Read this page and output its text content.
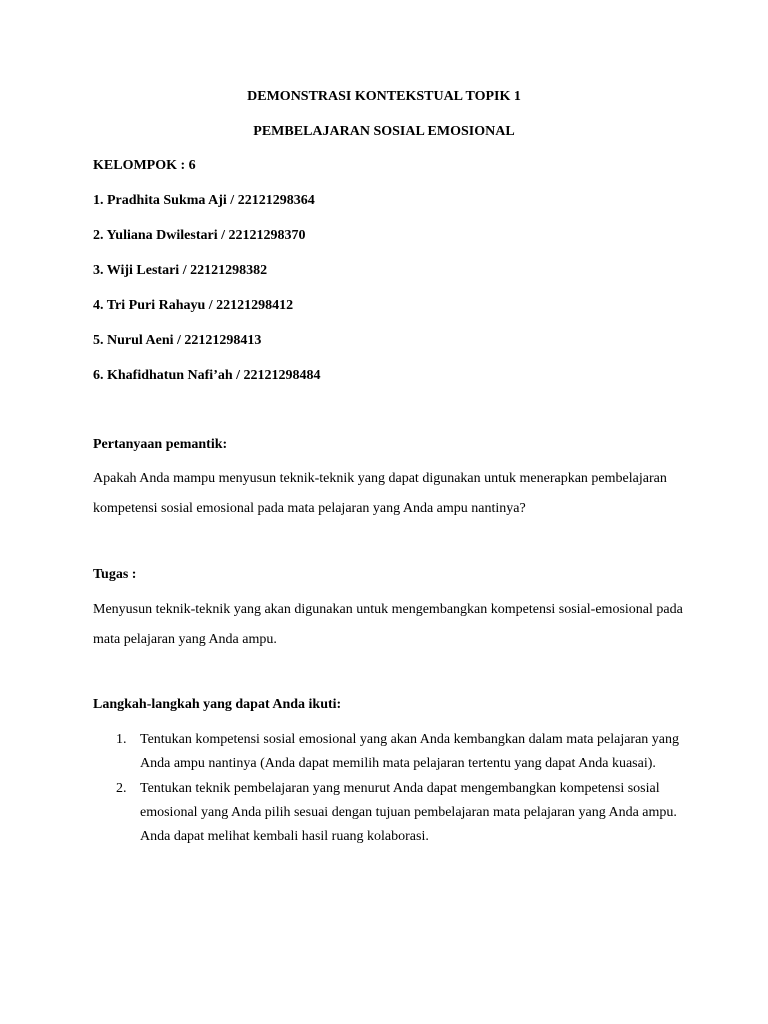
DEMONSTRASI KONTEKSTUAL TOPIK 1
PEMBELAJARAN SOSIAL EMOSIONAL
KELOMPOK : 6
1. Pradhita Sukma Aji / 22121298364
2. Yuliana Dwilestari / 22121298370
3. Wiji Lestari / 22121298382
4. Tri Puri Rahayu / 22121298412
5. Nurul Aeni / 22121298413
6. Khafidhatun Nafi’ah / 22121298484
Pertanyaan pemantik:

Apakah Anda mampu menyusun teknik-teknik yang dapat digunakan untuk menerapkan pembelajaran kompetensi sosial emosional pada mata pelajaran yang Anda ampu nantinya?

Tugas :

Menyusun teknik-teknik yang akan digunakan untuk mengembangkan kompetensi sosial-emosional pada mata pelajaran yang Anda ampu.

Langkah-langkah yang dapat Anda ikuti:
1. Tentukan kompetensi sosial emosional yang akan Anda kembangkan dalam mata pelajaran yang Anda ampu nantinya (Anda dapat memilih mata pelajaran tertentu yang dapat Anda kuasai).
2. Tentukan teknik pembelajaran yang menurut Anda dapat mengembangkan kompetensi sosial emosional yang Anda pilih sesuai dengan tujuan pembelajaran mata pelajaran yang Anda ampu. Anda dapat melihat kembali hasil ruang kolaborasi.
